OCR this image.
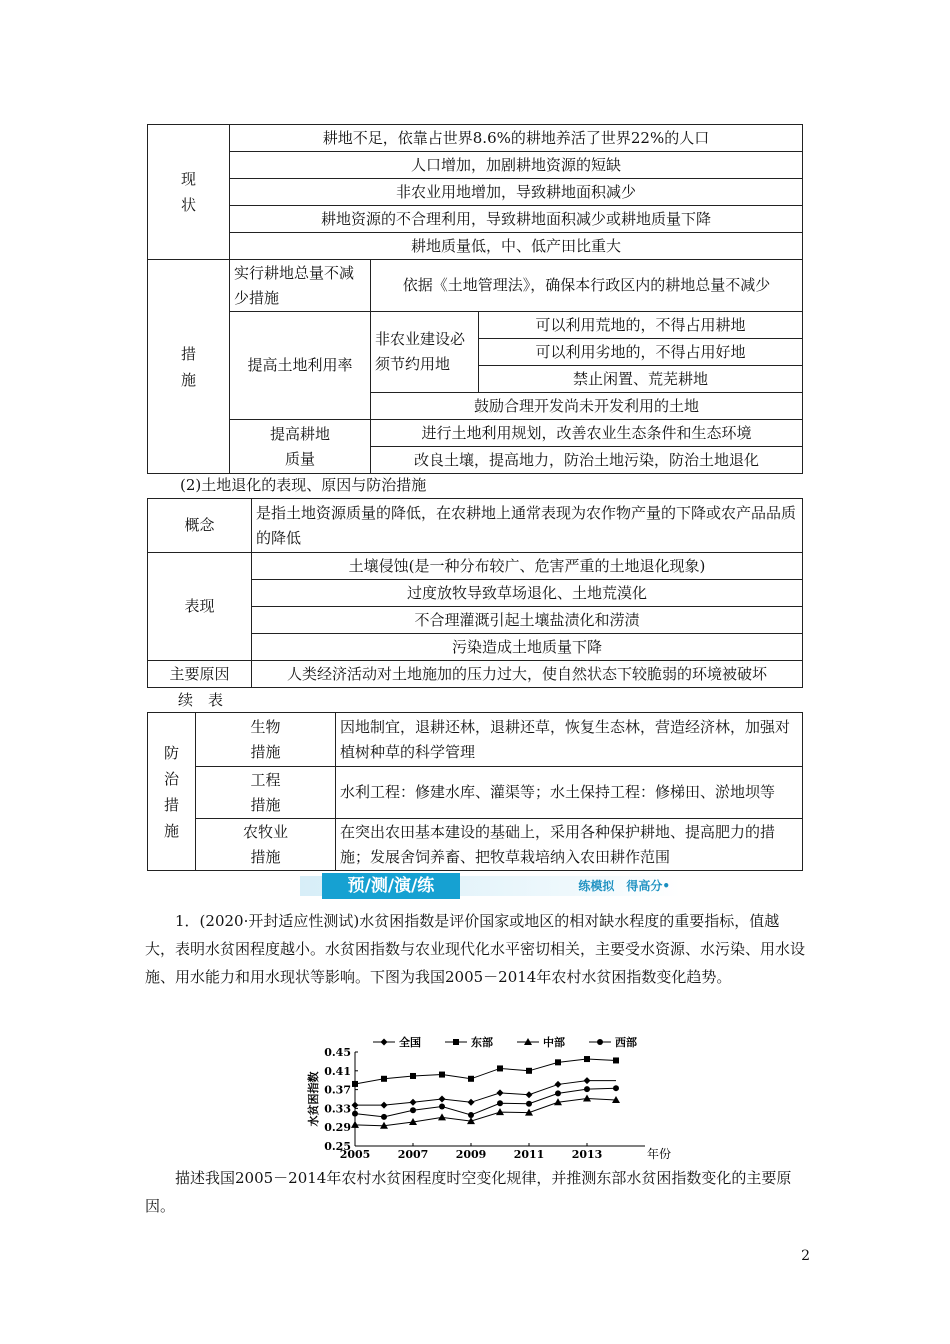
现状	耕地不足，依靠占世界8.6%的耕地养活了世界22%的人口		
	人口增加，加剧耕地资源的短缺		
	非农业用地增加，导致耕地面积减少		
	耕地资源的不合理利用，导致耕地面积减少或耕地质量下降		
	耕地质量低，中、低产田比重大		

措施	实行耕地总量不减少措施	依据《土地管理法》，确保本行政区内的耕地总量不减少	
	提高土地利用率	非农业建设必须节约用地	可以利用荒地的，不得占用耕地
			可以利用劣地的，不得占用好地
			禁止闲置、荒芜耕地
		鼓励合理开发尚未开发利用的土地	

	提高耕地质量	进行土地利用规划，改善农业生态条件和生态环境	
		改良土壤，提高地力，防治土地污染，防治土地退化	
(2)土地退化的表现、原因与防治措施
概念	是指土地资源质量的降低，在农耕地上通常表现为农作物产量的下降或农产品品质的降低
表现	土壤侵蚀(是一种分布较广、危害严重的土地退化现象)
	过度放牧导致草场退化、土地荒漠化
	不合理灌溉引起土壤盐渍化和涝渍
	污染造成土地质量下降
主要原因	人类经济活动对土地施加的压力过大，使自然状态下较脆弱的环境被破坏
续　表
防治措施	生物措施	因地制宜，退耕还林，退耕还草，恢复生态林，营造经济林，加强对植树种草的科学管理

	工程措施	水利工程：修建水库、灌渠等；水土保持工程：修梯田、淤地坝等

	农牧业措施	在突出农田基本建设的基础上，采用各种保护耕地、提高肥力的措施；发展舍饲养畜、把牧草栽培纳入农田耕作范围
预/测/演/练	练模拟　得高分•
1．(2020·开封适应性测试)水贫困指数是评价国家或地区的相对缺水程度的重要指标，值越大，表明水贫困程度越小。水贫困指数与农业现代化水平密切相关，主要受水资源、水污染、用水设施、用水能力和用水现状等影响。下图为我国2005－2014年农村水贫困指数变化趋势。
0.45
0.41
0.37
0.33
0.29
0.25
2005 2007 2009 2011 2013	年份
水贫困指数
全国	东部	中部	西部
描述我国2005－2014年农村水贫困程度时空变化规律，并推测东部水贫困指数变化的主要原因。
2
